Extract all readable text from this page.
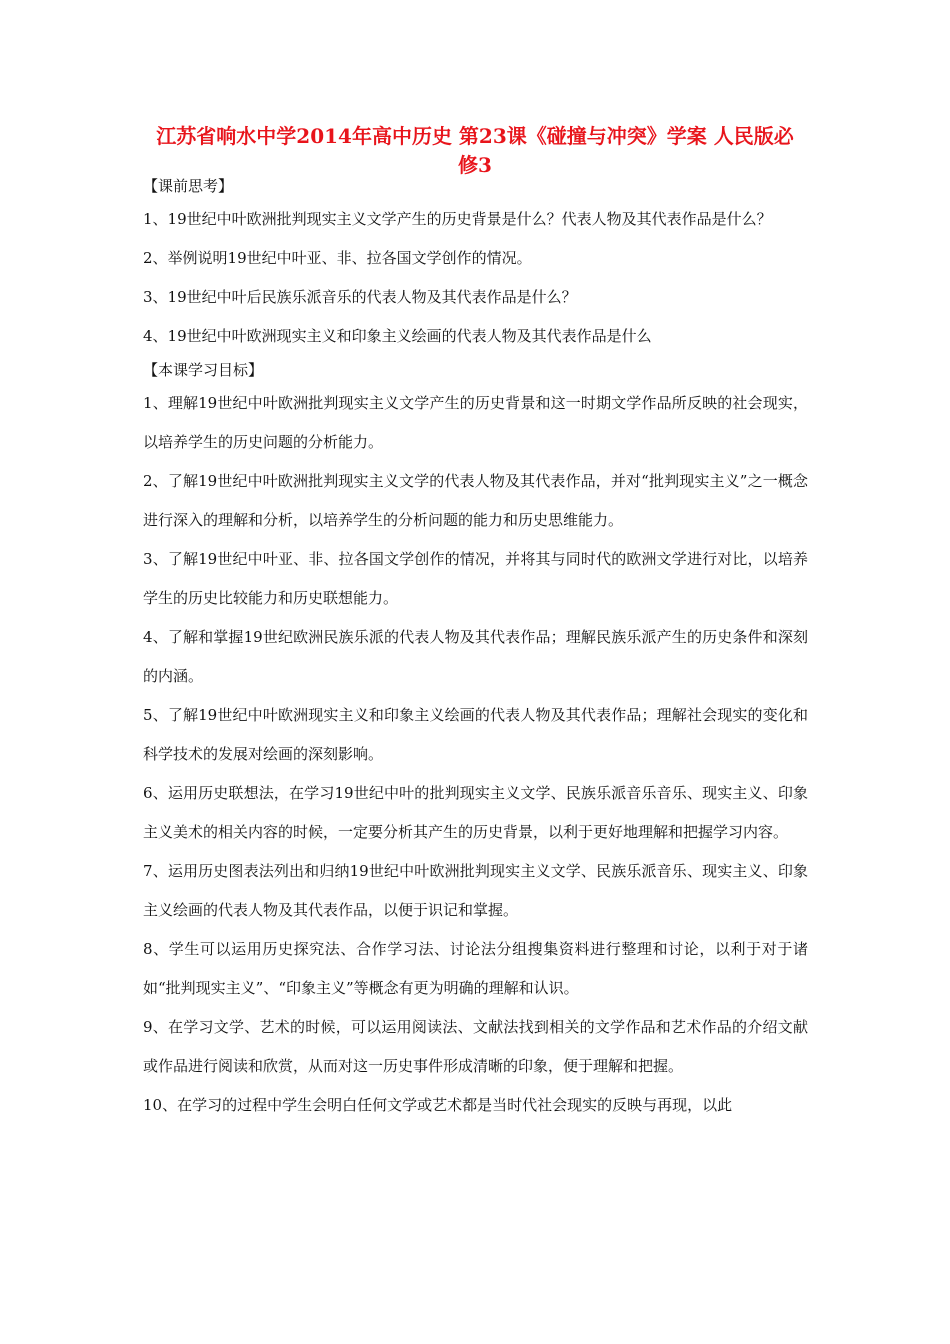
江苏省响水中学2014年高中历史 第23课《碰撞与冲突》学案 人民版必修3

【课前思考】

1、19世纪中叶欧洲批判现实主义文学产生的历史背景是什么？代表人物及其代表作品是什么？

2、举例说明19世纪中叶亚、非、拉各国文学创作的情况。

3、19世纪中叶后民族乐派音乐的代表人物及其代表作品是什么？

4、19世纪中叶欧洲现实主义和印象主义绘画的代表人物及其代表作品是什么

【本课学习目标】

1、理解19世纪中叶欧洲批判现实主义文学产生的历史背景和这一时期文学作品所反映的社会现实，以培养学生的历史问题的分析能力。

2、了解19世纪中叶欧洲批判现实主义文学的代表人物及其代表作品，并对“批判现实主义”之一概念进行深入的理解和分析，以培养学生的分析问题的能力和历史思维能力。

3、了解19世纪中叶亚、非、拉各国文学创作的情况，并将其与同时代的欧洲文学进行对比，以培养学生的历史比较能力和历史联想能力。

4、了解和掌握19世纪欧洲民族乐派的代表人物及其代表作品；理解民族乐派产生的历史条件和深刻的内涵。

5、了解19世纪中叶欧洲现实主义和印象主义绘画的代表人物及其代表作品；理解社会现实的变化和科学技术的发展对绘画的深刻影响。

6、运用历史联想法，在学习19世纪中叶的批判现实主义文学、民族乐派音乐音乐、现实主义、印象主义美术的相关内容的时候，一定要分析其产生的历史背景，以利于更好地理解和把握学习内容。

7、运用历史图表法列出和归纳19世纪中叶欧洲批判现实主义文学、民族乐派音乐、现实主义、印象主义绘画的代表人物及其代表作品，以便于识记和掌握。

8、学生可以运用历史探究法、合作学习法、讨论法分组搜集资料进行整理和讨论，以利于对于诸如“批判现实主义”、“印象主义”等概念有更为明确的理解和认识。

9、在学习文学、艺术的时候，可以运用阅读法、文献法找到相关的文学作品和艺术作品的介绍文献或作品进行阅读和欣赏，从而对这一历史事件形成清晰的印象，便于理解和把握。

10、在学习的过程中学生会明白任何文学或艺术都是当时代社会现实的反映与再现，以此
